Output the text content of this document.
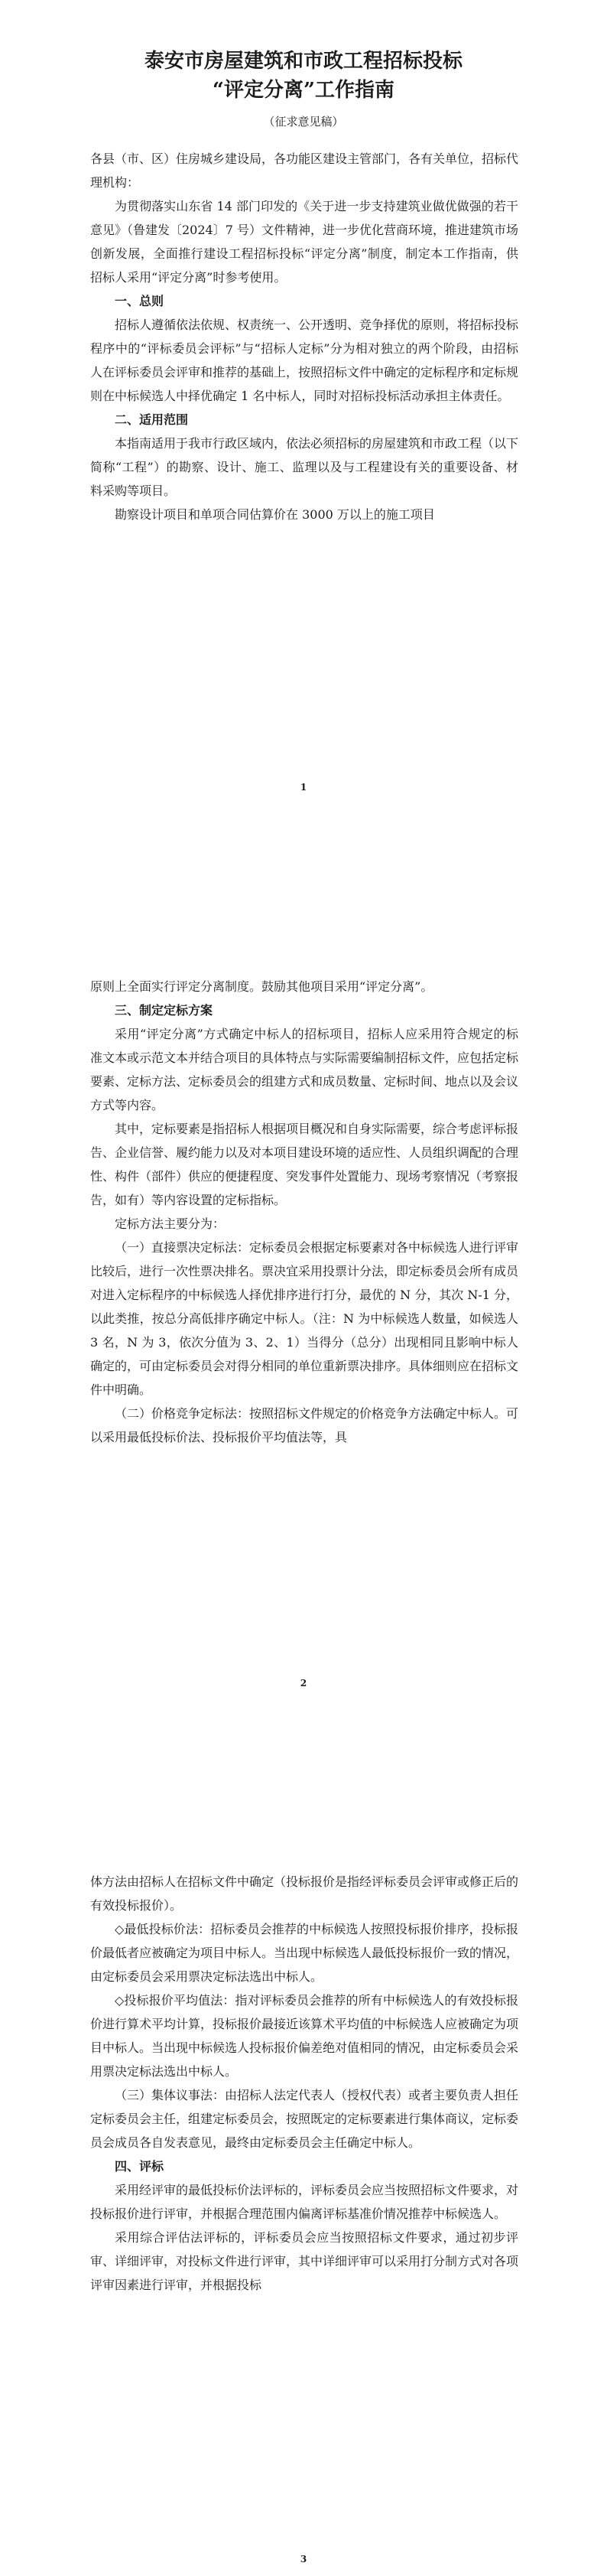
泰安市房屋建筑和市政工程招标投标
“评定分离”工作指南
（征求意见稿）

各县（市、区）住房城乡建设局，各功能区建设主管部门，各有关单位，招标代理机构：

为贯彻落实山东省 14 部门印发的《关于进一步支持建筑业做优做强的若干意见》（鲁建发〔2024〕7 号）文件精神，进一步优化营商环境，推进建筑市场创新发展，全面推行建设工程招标投标“评定分离”制度，制定本工作指南，供招标人采用“评定分离”时参考使用。

一、总则

招标人遵循依法依规、权责统一、公开透明、竞争择优的原则，将招标投标程序中的“评标委员会评标”与“招标人定标”分为相对独立的两个阶段，由招标人在评标委员会评审和推荐的基础上，按照招标文件中确定的定标程序和定标规则在中标候选人中择优确定 1 名中标人，同时对招标投标活动承担主体责任。

二、适用范围

本指南适用于我市行政区域内，依法必须招标的房屋建筑和市政工程（以下简称“工程”）的勘察、设计、施工、监理以及与工程建设有关的重要设备、材料采购等项目。

勘察设计项目和单项合同估算价在 3000 万以上的施工项目

1

原则上全面实行评定分离制度。鼓励其他项目采用“评定分离”。

三、制定定标方案

采用“评定分离”方式确定中标人的招标项目，招标人应采用符合规定的标准文本或示范文本并结合项目的具体特点与实际需要编制招标文件，应包括定标要素、定标方法、定标委员会的组建方式和成员数量、定标时间、地点以及会议方式等内容。

其中，定标要素是指招标人根据项目概况和自身实际需要，综合考虑评标报告、企业信誉、履约能力以及对本项目建设环境的适应性、人员组织调配的合理性、构件（部件）供应的便捷程度、突发事件处置能力、现场考察情况（考察报告，如有）等内容设置的定标指标。

定标方法主要分为：

（一）直接票决定标法：定标委员会根据定标要素对各中标候选人进行评审比较后，进行一次性票决排名。票决宜采用投票计分法，即定标委员会所有成员对进入定标程序的中标候选人择优排序进行打分，最优的 N 分，其次 N-1 分，以此类推，按总分高低排序确定中标人。（注：N 为中标候选人数量，如候选人 3 名，N 为 3，依次分值为 3、2、1）当得分（总分）出现相同且影响中标人确定的，可由定标委员会对得分相同的单位重新票决排序。具体细则应在招标文件中明确。

（二）价格竞争定标法：按照招标文件规定的价格竞争方法确定中标人。可以采用最低投标价法、投标报价平均值法等，具

2

体方法由招标人在招标文件中确定（投标报价是指经评标委员会评审或修正后的有效投标报价）。

◇最低投标价法：招标委员会推荐的中标候选人按照投标报价排序，投标报价最低者应被确定为项目中标人。当出现中标候选人最低投标报价一致的情况，由定标委员会采用票决定标法选出中标人。

◇投标报价平均值法：指对评标委员会推荐的所有中标候选人的有效投标报价进行算术平均计算，投标报价最接近该算术平均值的中标候选人应被确定为项目中标人。当出现中标候选人投标报价偏差绝对值相同的情况，由定标委员会采用票决定标法选出中标人。

（三）集体议事法：由招标人法定代表人（授权代表）或者主要负责人担任定标委员会主任，组建定标委员会，按照既定的定标要素进行集体商议，定标委员会成员各自发表意见，最终由定标委员会主任确定中标人。

四、评标

采用经评审的最低投标价法评标的，评标委员会应当按照招标文件要求，对投标报价进行评审，并根据合理范围内偏离评标基准价情况推荐中标候选人。

采用综合评估法评标的，评标委员会应当按照招标文件要求，通过初步评审、详细评审，对投标文件进行评审，其中详细评审可以采用打分制方式对各项评审因素进行评审，并根据投标

3
